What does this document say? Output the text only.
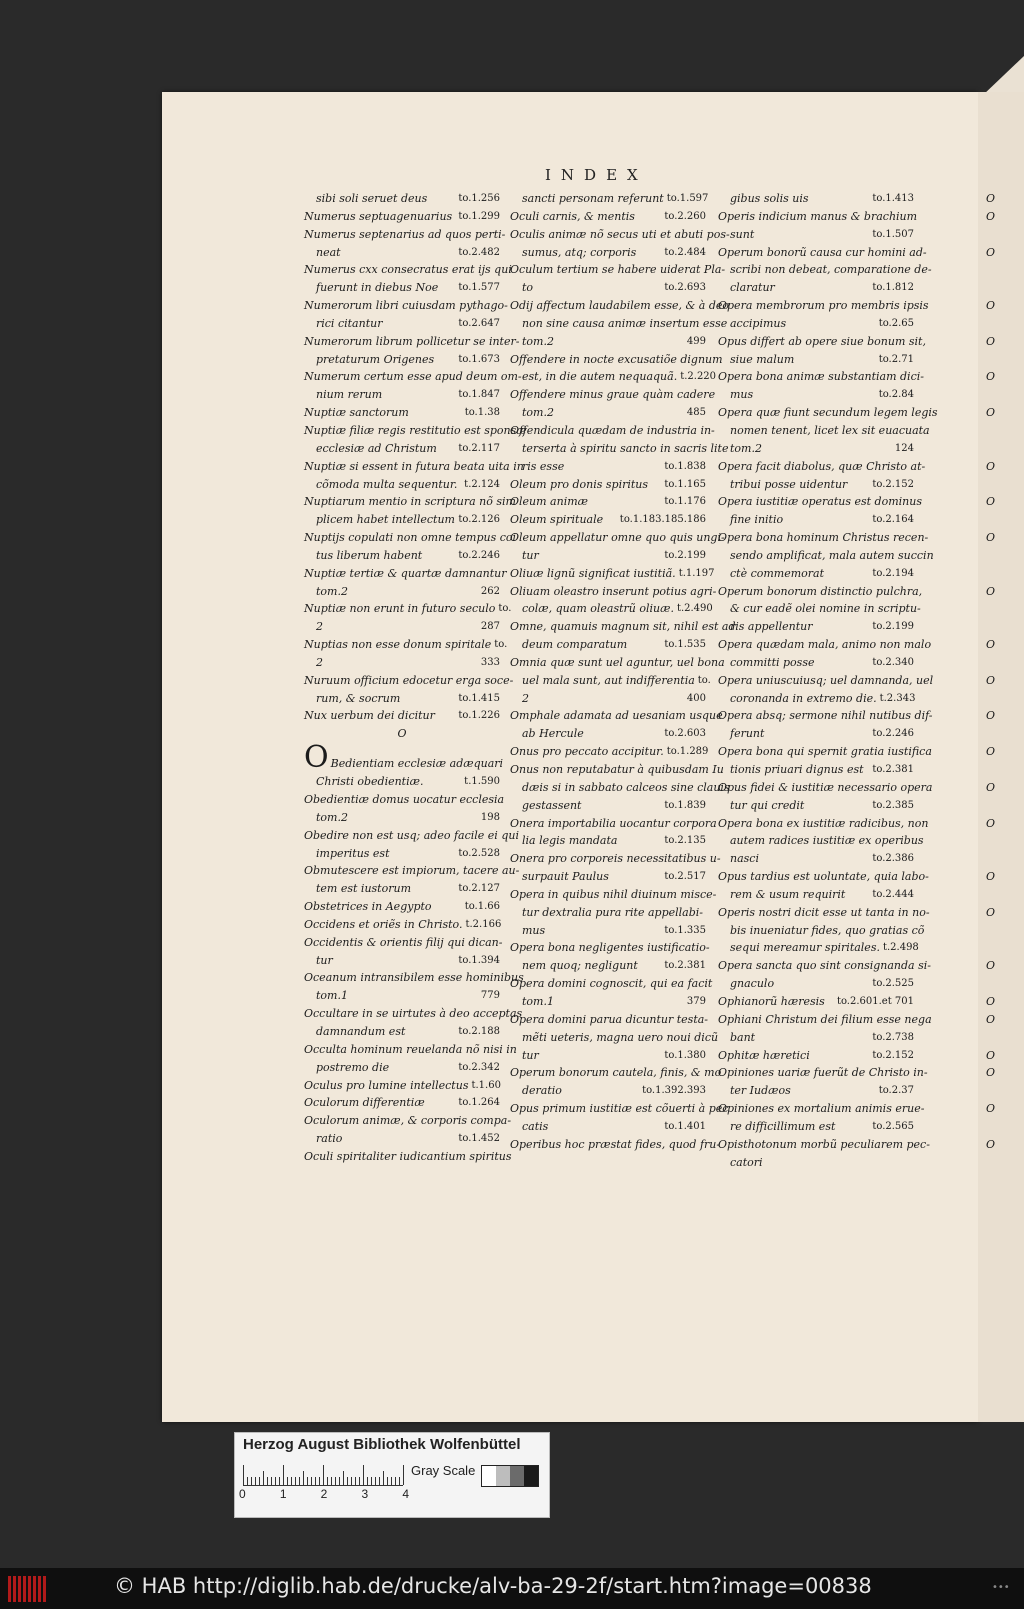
INDEX
sibi soli seruet deus	to.1.256
Numerus septuagenuarius to.1.299
Numerus septenarius ad quos perti-
neat	to.2.482
Numerus cxx consecratus erat ijs qui
fuerunt in diebus Noe	to.1.577
Numerorum libri cuiusdam pythago-
rici citantur	to.2.647
Numerorum librum pollicetur se inter-
pretaturum Origenes	to.1.673
Numerum certum esse apud deum om-
nium rerum	to.1.847
Nuptiæ sanctorum	to.1.38
Nuptiæ filiæ regis restitutio est sponsæ
ecclesiæ ad Christum	to.2.117
Nuptiæ si essent in futura beata uita in
cõmoda multa sequentur. t.2.124
Nuptiarum mentio in scriptura nõ sim
plicem habet intellectum to.2.126
Nuptijs copulati non omne tempus coi
tus liberum habent	to.2.246
Nuptiæ tertiæ & quartæ damnantur
tom.2	262
Nuptiæ non erunt in futuro seculo to.
2	287
Nuptias non esse donum spiritale to.
2	333
Nuruum officium edocetur erga soce-
rum, & socrum	to.1.415
Nux uerbum dei dicitur	to.1.226
O
O Bedientiam ecclesiæ adæquari
Christi obedientiæ.	t.1.590
Obedientiæ domus uocatur ecclesia
tom.2	198
Obedire non est usq; adeo facile ei qui
imperitus est	to.2.528
Obmutescere est impiorum, tacere au-
tem est iustorum	to.2.127
Obstetrices in Aegypto	to.1.66
Occidens et oriẽs in Christo. t.2.166
Occidentis & orientis filij qui dican-
tur	to.1.394
Oceanum intransibilem esse hominibus
tom.1	779
Occultare in se uirtutes à deo acceptas
damnandum est	to.2.188
Occulta hominum reuelanda nõ nisi in
postremo die	to.2.342
Oculus pro lumine intellectus t.1.60
Oculorum differentiæ	to.1.264
Oculorum animæ, & corporis compa-
ratio	to.1.452
Oculi spiritaliter iudicantium spiritus
sancti personam referunt to.1.597
Oculi carnis, & mentis	to.2.260
Oculis animæ nõ secus uti et abuti pos-
sumus, atq; corporis	to.2.484
Oculum tertium se habere uiderat Pla-
to	to.2.693
Odij affectum laudabilem esse, & à deo
non sine causa animæ insertum esse
tom.2	499
Offendere in nocte excusatiõe dignum
est, in die autem nequaquã. t.2.220
Offendere minus graue quàm cadere
tom.2	485
Offendicula quædam de industria in-
terserta à spiritu sancto in sacris lite
ris esse	to.1.838
Oleum pro donis spiritus	to.1.165
Oleum animæ	to.1.176
Oleum spirituale	to.1.183.185.186
Oleum appellatur omne quo quis ungi-
tur	to.2.199
Oliuæ lignũ significat iustitiã. t.1.197
Oliuam oleastro inserunt potius agri-
colæ, quam oleastrũ oliuæ. t.2.490
Omne, quamuis magnum sit, nihil est ad
deum comparatum	to.1.535
Omnia quæ sunt uel aguntur, uel bona
uel mala sunt, aut indifferentia to.
2	400
Omphale adamata ad uesaniam usque
ab Hercule	to.2.603
Onus pro peccato accipitur. to.1.289
Onus non reputabatur à quibusdam Iu
dæis si in sabbato calceos sine clauis
gestassent	to.1.839
Onera importabilia uocantur corpora
lia legis mandata	to.2.135
Onera pro corporeis necessitatibus u-
surpauit Paulus	to.2.517
Opera in quibus nihil diuinum misce-
tur dextralia pura rite appellabi-
mus	to.1.335
Opera bona negligentes iustificatio-
nem quoq; negligunt	to.2.381
Opera domini cognoscit, qui ea facit
tom.1	379
Opera domini parua dicuntur testa-
mẽti ueteris, magna uero noui dicũ
tur	to.1.380
Operum bonorum cautela, finis, & mo
deratio	to.1.392.393
Opus primum iustitiæ est cõuerti à pec
catis	to.1.401
Operibus hoc præstat fides, quod fru-
gibus solis uis	to.1.413
Operis indicium manus & brachium
sunt	to.1.507
Operum bonorũ causa cur homini ad-
scribi non debeat, comparatione de-
claratur	to.1.812
Opera membrorum pro membris ipsis
accipimus	to.2.65
Opus differt ab opere siue bonum sit,
siue malum	to.2.71
Opera bona animæ substantiam dici-
mus	to.2.84
Opera quæ fiunt secundum legem legis
nomen tenent, licet lex sit euacuata
tom.2	124
Opera facit diabolus, quæ Christo at-
tribui posse uidentur	to.2.152
Opera iustitiæ operatus est dominus
fine initio	to.2.164
Opera bona hominum Christus recen-
sendo amplificat, mala autem succin
ctè commemorat	to.2.194
Operum bonorum distinctio pulchra,
& cur eadẽ olei nomine in scriptu-
ris appellentur	to.2.199
Opera quædam mala, animo non malo
committi posse	to.2.340
Opera uniuscuiusq; uel damnanda, uel
coronanda in extremo die. t.2.343
Opera absq; sermone nihil nutibus dif-
ferunt	to.2.246
Opera bona qui spernit gratia iustifica
tionis priuari dignus est to.2.381
Opus fidei & iustitiæ necessario opera
tur qui credit	to.2.385
Opera bona ex iustitiæ radicibus, non
autem radices iustitiæ ex operibus
nasci	to.2.386
Opus tardius est uoluntate, quia labo-
rem & usum requirit	to.2.444
Operis nostri dicit esse ut tanta in no-
bis inueniatur fides, quo gratias cõ
sequi mereamur spiritales. t.2.498
Opera sancta quo sint consignanda si-
gnaculo	to.2.525
Ophianorũ hæresis	to.2.601.et 701
Ophiani Christum dei filium esse nega
bant	to.2.738
Ophitæ hæretici	to.2.152
Opiniones uariæ fuerũt de Christo in-
ter Iudæos	to.2.37
Opiniones ex mortalium animis erue-
re difficillimum est	to.2.565
Opisthotonum morbũ peculiarem pec-
catori
O
O
O
O
O
O
O
O
O
O
O
O
O
O
O
O
O
O
O
O
O
O
O
O
O
O
Herzog August Bibliothek Wolfenbüttel
0	1	2	3	4
Gray Scale
© HAB http://diglib.hab.de/drucke/alv-ba-29-2f/start.htm?image=00838	•••
